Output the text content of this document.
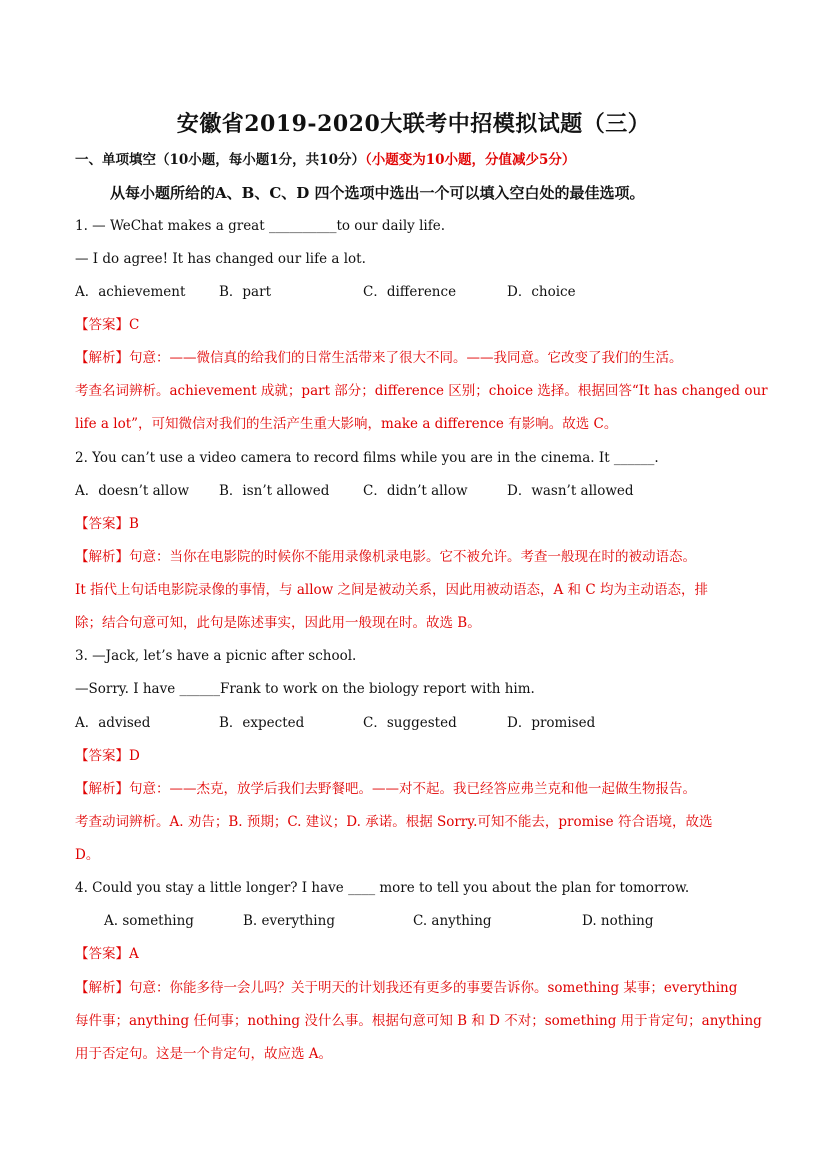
安徽省2019-2020大联考中招模拟试题（三）
一、单项填空（10小题，每小题1分，共10分）（小题变为10小题，分值减少5分）
从每小题所给的A、B、C、D 四个选项中选出一个可以填入空白处的最佳选项。
1. — WeChat makes a great __________to our daily life.
— I do agree! It has changed our life a lot.
A．achievement	B．part	C．difference	D．choice
【答案】C
【解析】句意：——微信真的给我们的日常生活带来了很大不同。——我同意。它改变了我们的生活。
考查名词辨析。achievement 成就；part 部分；difference 区别；choice 选择。根据回答“It has changed our
life a lot”，可知微信对我们的生活产生重大影响，make a difference 有影响。故选 C。
2. You can’t use a video camera to record films while you are in the cinema. It ______.
A．doesn’t allow	B．isn’t allowed	C．didn’t allow	D．wasn’t allowed
【答案】B
【解析】句意：当你在电影院的时候你不能用录像机录电影。它不被允许。考查一般现在时的被动语态。
It 指代上句话电影院录像的事情，与 allow 之间是被动关系，因此用被动语态，A 和 C 均为主动语态，排
除；结合句意可知，此句是陈述事实，因此用一般现在时。故选 B。
3. —Jack, let’s have a picnic after school.
—Sorry. I have ______Frank to work on the biology report with him.
A．advised	B．expected	C．suggested	D．promised
【答案】D
【解析】句意：——杰克，放学后我们去野餐吧。——对不起。我已经答应弗兰克和他一起做生物报告。
考查动词辨析。A. 劝告；B. 预期；C. 建议；D. 承诺。根据 Sorry.可知不能去，promise 符合语境，故选
D。
4. Could you stay a little longer? I have ____ more to tell you about the plan for tomorrow.
A. something	B. everything	C. anything	D. nothing
【答案】A
【解析】句意：你能多待一会儿吗？关于明天的计划我还有更多的事要告诉你。something 某事；everything
每件事；anything 任何事；nothing 没什么事。根据句意可知 B 和 D 不对；something 用于肯定句；anything
用于否定句。这是一个肯定句，故应选 A。
